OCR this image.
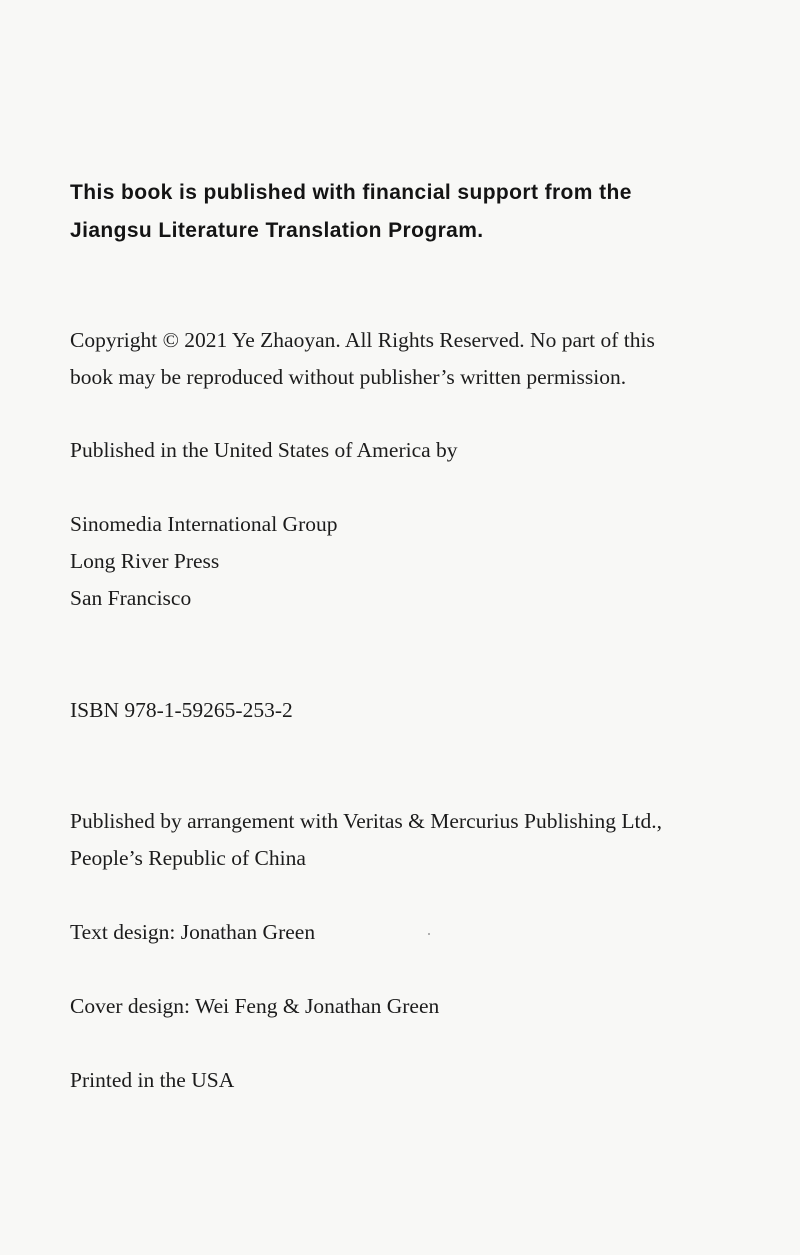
This book is published with financial support from the
Jiangsu Literature Translation Program.
Copyright © 2021 Ye Zhaoyan. All Rights Reserved. No part of this
book may be reproduced without publisher’s written permission.
Published in the United States of America by
Sinomedia International Group
Long River Press
San Francisco
ISBN 978-1-59265-253-2
Published by arrangement with Veritas & Mercurius Publishing Ltd.,
People’s Republic of China
Text design: Jonathan Green
Cover design: Wei Feng & Jonathan Green
Printed in the USA
